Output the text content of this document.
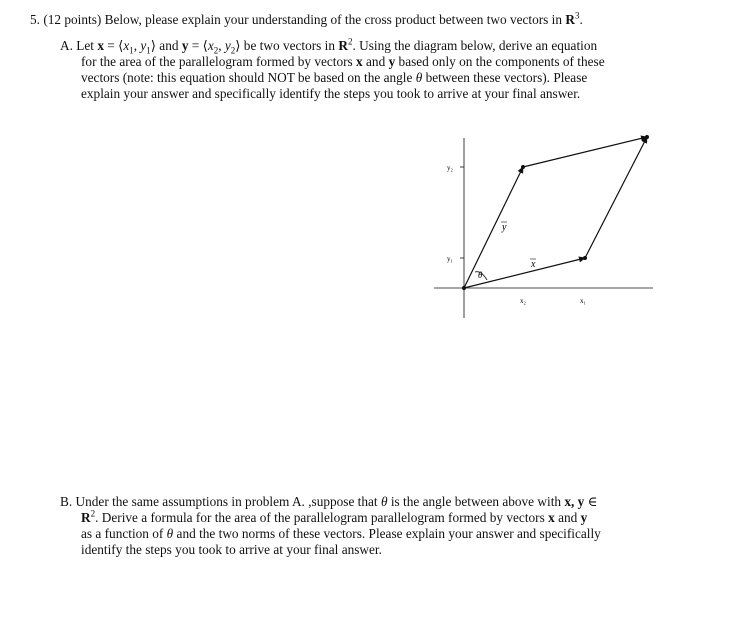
5. (12 points) Below, please explain your understanding of the cross product between two vectors in $R^3$.
A. Let $x = ⟨x_1$, $y_1⟩$ and $y = ⟨x_2$, $y_2⟩$ be two vectors in $R^2$. Using the diagram below, derive an equation
for the area of the parallelogram formed by vectors x and y based only on the components of these
vectors (note: this equation should NOT be based on the angle θ between these vectors). Please
explain your answer and specifically identify the steps you took to arrive at your final answer.
y₂
y₁
x₂	x₁
θ
y
x
B. Under the same assumptions in problem A. ,suppose that θ is the angle between above with x, y ∈
$R^2$. Derive a formula for the area of the parallelogram parallelogram formed by vectors x and y
as a function of θ and the two norms of these vectors. Please explain your answer and specifically
identify the steps you took to arrive at your final answer.
